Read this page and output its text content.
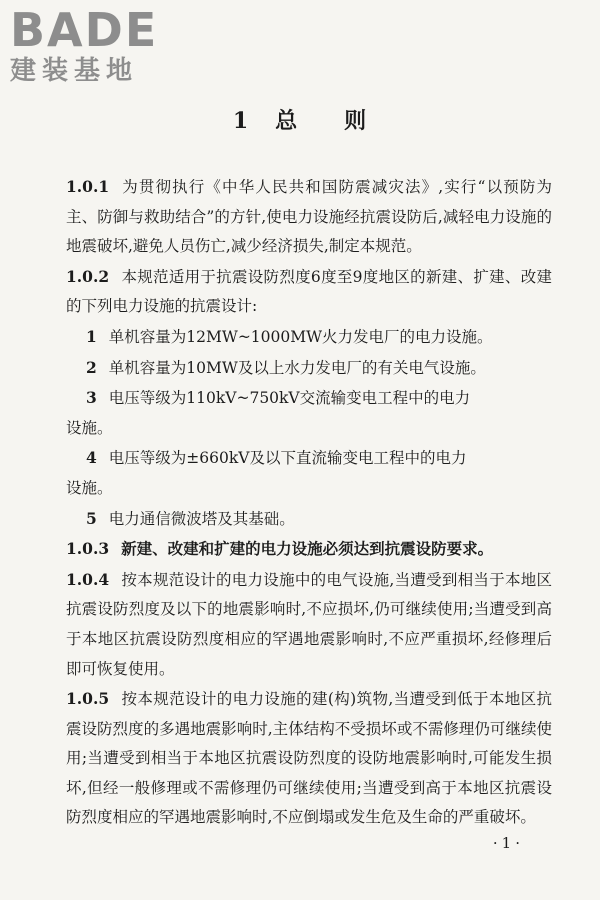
BADE
建装基地
1 总 则

1.0.1 为贯彻执行《中华人民共和国防震减灾法》,实行“以预防为主、防御与救助结合”的方针,使电力设施经抗震设防后,减轻电力设施的地震破坏,避免人员伤亡,减少经济损失,制定本规范。

1.0.2 本规范适用于抗震设防烈度6度至9度地区的新建、扩建、改建的下列电力设施的抗震设计:

1 单机容量为12MW~1000MW火力发电厂的电力设施。

2 单机容量为10MW及以上水力发电厂的有关电气设施。

3 电压等级为110kV~750kV交流输变电工程中的电力
设施。

4 电压等级为±660kV及以下直流输变电工程中的电力
设施。

5 电力通信微波塔及其基础。

1.0.3 新建、改建和扩建的电力设施必须达到抗震设防要求。

1.0.4 按本规范设计的电力设施中的电气设施,当遭受到相当于本地区抗震设防烈度及以下的地震影响时,不应损坏,仍可继续使用;当遭受到高于本地区抗震设防烈度相应的罕遇地震影响时,不应严重损坏,经修理后即可恢复使用。

1.0.5 按本规范设计的电力设施的建(构)筑物,当遭受到低于本地区抗震设防烈度的多遇地震影响时,主体结构不受损坏或不需修理仍可继续使用;当遭受到相当于本地区抗震设防烈度的设防地震影响时,可能发生损坏,但经一般修理或不需修理仍可继续使用;当遭受到高于本地区抗震设防烈度相应的罕遇地震影响时,不应倒塌或发生危及生命的严重破坏。

·1·
